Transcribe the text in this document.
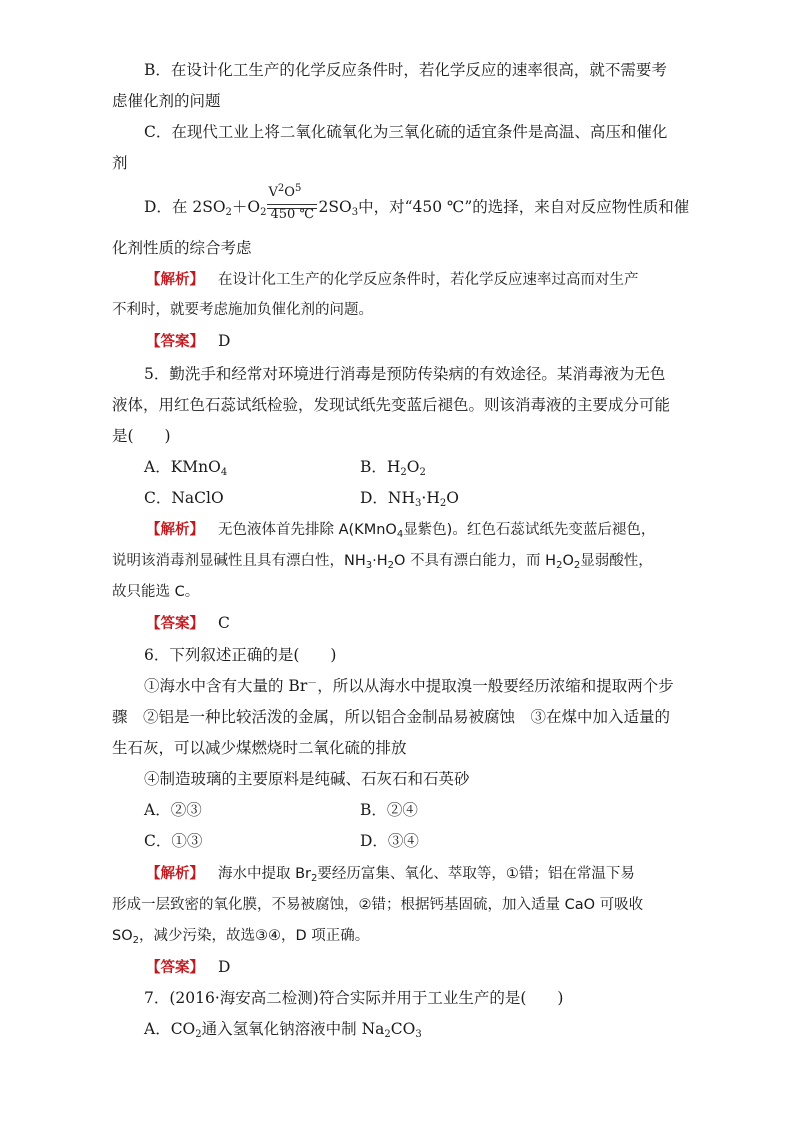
B．在设计化工生产的化学反应条件时，若化学反应的速率很高，就不需要考
虑催化剂的问题
C．在现代工业上将二氧化硫氧化为三氧化硫的适宜条件是高温、高压和催化
剂
D．在 $2SO_2+O_2$
$V^2O^5$
450 ℃ $2SO_3$中，对“450 ℃”的选择，来自对反应物性质和催
化剂性质的综合考虑
【解析】 在设计化工生产的化学反应条件时，若化学反应速率过高而对生产
不利时，就要考虑施加负催化剂的问题。
【答案】 D
5．勤洗手和经常对环境进行消毒是预防传染病的有效途径。某消毒液为无色
液体，用红色石蕊试纸检验，发现试纸先变蓝后褪色。则该消毒液的主要成分可能
是(　　)
A．KMnO$_4$	B．$H_2O_2$
C．NaClO	D．$NH_3\cdot H_2O$
【解析】 无色液体首先排除 A(KMnO$_4$显紫色)。红色石蕊试纸先变蓝后褪色，
说明该消毒剂显碱性且具有漂白性，$NH_3\cdot H_2O$ 不具有漂白能力，而 $H_2O_2$显弱酸性，
故只能选 C。
【答案】 C
6．下列叙述正确的是(　　)
①海水中含有大量的 Br－，所以从海水中提取溴一般要经历浓缩和提取两个步
骤　②铝是一种比较活泼的金属，所以铝合金制品易被腐蚀　③在煤中加入适量的
生石灰，可以减少煤燃烧时二氧化硫的排放
④制造玻璃的主要原料是纯碱、石灰石和石英砂
A．②③	B．②④
C．①③	D．③④
【解析】 海水中提取 $Br_2$要经历富集、氧化、萃取等，①错；铝在常温下易
形成一层致密的氧化膜，不易被腐蚀，②错；根据钙基固硫，加入适量 CaO 可吸收
$SO_2$，减少污染，故选③④，D 项正确。
【答案】 D
7．(2016·海安高二检测)符合实际并用于工业生产的是(　　)
A．$CO_2$通入氢氧化钠溶液中制 $Na_2CO_3$
